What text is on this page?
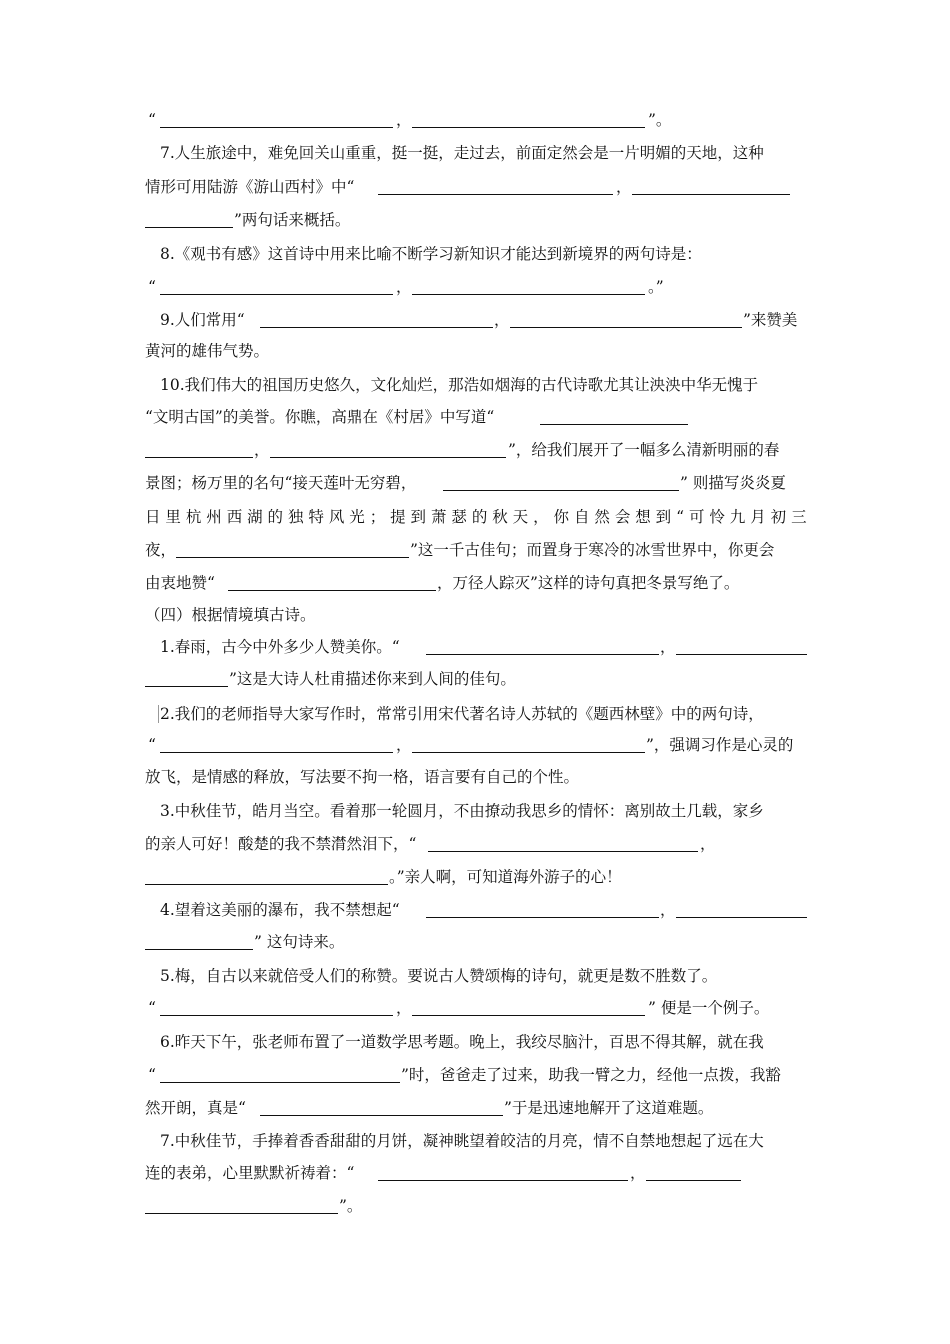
“	，	”。
7.人生旅途中，难免回关山重重，挺一挺，走过去，前面定然会是一片明媚的天地，这种
情形可用陆游《游山西村》中“	，
”两句话来概括。
8.《观书有感》这首诗中用来比喻不断学习新知识才能达到新境界的两句诗是：
“	，	。”
9.人们常用“	，	”来赞美
黄河的雄伟气势。
10.我们伟大的祖国历史悠久，文化灿烂，那浩如烟海的古代诗歌尤其让泱泱中华无愧于
“文明古国”的美誉。你瞧，高鼎在《村居》中写道“
，	”，给我们展开了一幅多么清新明丽的春
景图；杨万里的名句“接天莲叶无穷碧，	” 则描写炎炎夏
日 里 杭 州 西 湖 的 独 特 风 光 ； 提 到 萧 瑟 的 秋 天 ， 你 自 然 会 想 到 “ 可 怜 九 月 初 三
夜，	”这一千古佳句；而置身于寒冷的冰雪世界中，你更会
由衷地赞“	，万径人踪灭”这样的诗句真把冬景写绝了。
（四）根据情境填古诗。
1.春雨，古今中外多少人赞美你。“	，
”这是大诗人杜甫描述你来到人间的佳句。
2.我们的老师指导大家写作时，常常引用宋代著名诗人苏轼的《题西林壁》中的两句诗，
“	，	”，强调习作是心灵的
放飞，是情感的释放，写法要不拘一格，语言要有自己的个性。
3.中秋佳节，皓月当空。看着那一轮圆月，不由撩动我思乡的情怀：离别故土几载，家乡
的亲人可好！酸楚的我不禁潸然泪下，“	，
。”亲人啊，可知道海外游子的心！
4.望着这美丽的瀑布，我不禁想起“	，
” 这句诗来。
5.梅，自古以来就倍受人们的称赞。要说古人赞颂梅的诗句，就更是数不胜数了。
“	，	” 便是一个例子。
6.昨天下午，张老师布置了一道数学思考题。晚上，我绞尽脑汁，百思不得其解，就在我
“	”时，爸爸走了过来，助我一臂之力，经他一点拨，我豁
然开朗，真是“	”于是迅速地解开了这道难题。
7.中秋佳节，手捧着香香甜甜的月饼，凝神眺望着皎洁的月亮，情不自禁地想起了远在大
连的表弟，心里默默祈祷着：“	，
”。
